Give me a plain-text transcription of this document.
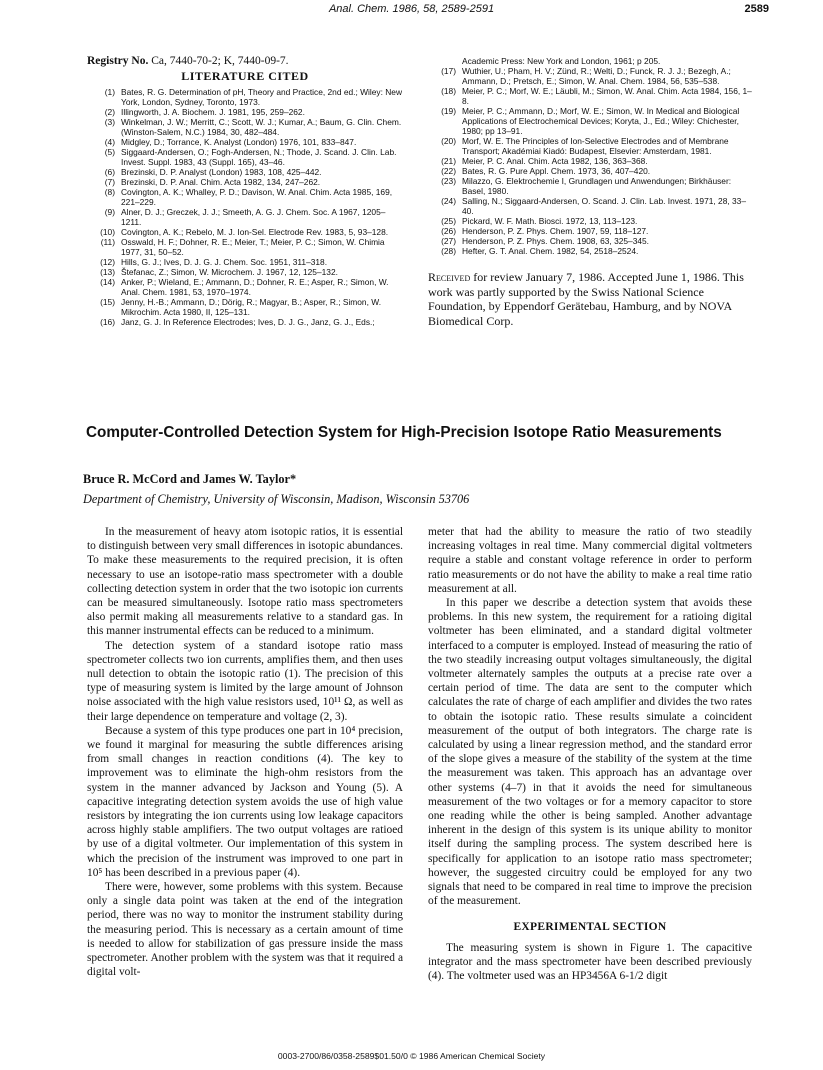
Anal. Chem. 1986, 58, 2589-2591	2589
Registry No. Ca, 7440-70-2; K, 7440-09-7.
LITERATURE CITED
(1) Bates, R. G. Determination of pH, Theory and Practice, 2nd ed.; Wiley: New York, London, Sydney, Toronto, 1973.
(2) Illingworth, J. A. Biochem. J. 1981, 195, 259–262.
(3) Winkelman, J. W.; Merritt, C.; Scott, W. J.; Kumar, A.; Baum, G. Clin. Chem. (Winston-Salem, N.C.) 1984, 30, 482–484.
(4) Midgley, D.; Torrance, K. Analyst (London) 1976, 101, 833–847.
(5) Siggaard-Andersen, O.; Fogh-Andersen, N.; Thode, J. Scand. J. Clin. Lab. Invest. Suppl. 1983, 43 (Suppl. 165), 43–46.
(6) Brezinski, D. P. Analyst (London) 1983, 108, 425–442.
(7) Brezinski, D. P. Anal. Chim. Acta 1982, 134, 247–262.
(8) Covington, A. K.; Whalley, P. D.; Davison, W. Anal. Chim. Acta 1985, 169, 221–229.
(9) Alner, D. J.; Greczek, J. J.; Smeeth, A. G. J. Chem. Soc. A 1967, 1205–1211.
(10) Covington, A. K.; Rebelo, M. J. Ion-Sel. Electrode Rev. 1983, 5, 93–128.
(11) Osswald, H. F.; Dohner, R. E.; Meier, T.; Meier, P. C.; Simon, W. Chimia 1977, 31, 50–52.
(12) Hills, G. J.; Ives, D. J. G. J. Chem. Soc. 1951, 311–318.
(13) Štefanac, Z.; Simon, W. Microchem. J. 1967, 12, 125–132.
(14) Anker, P.; Wieland, E.; Ammann, D.; Dohner, R. E.; Asper, R.; Simon, W. Anal. Chem. 1981, 53, 1970–1974.
(15) Jenny, H.-B.; Ammann, D.; Dörig, R.; Magyar, B.; Asper, R.; Simon, W. Mikrochim. Acta 1980, II, 125–131.
(16) Janz, G. J. In Reference Electrodes; Ives, D. J. G., Janz, G. J., Eds.;
Academic Press: New York and London, 1961; p 205.
(17) Wuthier, U.; Pham, H. V.; Zünd, R.; Welti, D.; Funck, R. J. J.; Bezegh, A.; Ammann, D.; Pretsch, E.; Simon, W. Anal. Chem. 1984, 56, 535–538.
(18) Meier, P. C.; Morf, W. E.; Läubli, M.; Simon, W. Anal. Chim. Acta 1984, 156, 1–8.
(19) Meier, P. C.; Ammann, D.; Morf, W. E.; Simon, W. In Medical and Biological Applications of Electrochemical Devices; Koryta, J., Ed.; Wiley: Chichester, 1980; pp 13–91.
(20) Morf, W. E. The Principles of Ion-Selective Electrodes and of Membrane Transport; Akadémiai Kiadó: Budapest, Elsevier: Amsterdam, 1981.
(21) Meier, P. C. Anal. Chim. Acta 1982, 136, 363–368.
(22) Bates, R. G. Pure Appl. Chem. 1973, 36, 407–420.
(23) Milazzo, G. Elektrochemie I, Grundlagen und Anwendungen; Birkhäuser: Basel, 1980.
(24) Salling, N.; Siggaard-Andersen, O. Scand. J. Clin. Lab. Invest. 1971, 28, 33–40.
(25) Pickard, W. F. Math. Biosci. 1972, 13, 113–123.
(26) Henderson, P. Z. Phys. Chem. 1907, 59, 118–127.
(27) Henderson, P. Z. Phys. Chem. 1908, 63, 325–345.
(28) Hefter, G. T. Anal. Chem. 1982, 54, 2518–2524.
Received for review January 7, 1986. Accepted June 1, 1986. This work was partly supported by the Swiss National Science Foundation, by Eppendorf Gerätebau, Hamburg, and by NOVA Biomedical Corp.
Computer-Controlled Detection System for High-Precision Isotope Ratio Measurements
Bruce R. McCord and James W. Taylor*
Department of Chemistry, University of Wisconsin, Madison, Wisconsin 53706

In the measurement of heavy atom isotopic ratios, it is essential to distinguish between very small differences in isotopic abundances. To make these measurements to the required precision, it is often necessary to use an isotope-ratio mass spectrometer with a double collecting detection system in order that the two isotopic ion currents can be measured simultaneously. Isotope ratio mass spectrometers also permit making all measurements relative to a standard gas. In this manner instrumental effects can be reduced to a minimum.

The detection system of a standard isotope ratio mass spectrometer collects two ion currents, amplifies them, and then uses null detection to obtain the isotopic ratio (1). The precision of this type of measuring system is limited by the large amount of Johnson noise associated with the high value resistors used, 10¹¹ Ω, as well as their large dependence on temperature and voltage (2, 3).

Because a system of this type produces one part in 10⁴ precision, we found it marginal for measuring the subtle differences arising from small changes in reaction conditions (4). The key to improvement was to eliminate the high-ohm resistors from the system in the manner advanced by Jackson and Young (5). A capacitive integrating detection system avoids the use of high value resistors by integrating the ion currents using low leakage capacitors across highly stable amplifiers. The two output voltages are ratioed by use of a digital voltmeter. Our implementation of this system in which the precision of the instrument was improved to one part in 10⁵ has been described in a previous paper (4).

There were, however, some problems with this system. Because only a single data point was taken at the end of the integration period, there was no way to monitor the instrument stability during the measuring period. This is necessary as a certain amount of time is needed to allow for stabilization of gas pressure inside the mass spectrometer. Another problem with the system was that it required a digital volt-

meter that had the ability to measure the ratio of two steadily increasing voltages in real time. Many commercial digital voltmeters require a stable and constant voltage reference in order to perform ratio measurements or do not have the ability to make a real time ratio measurement at all.

In this paper we describe a detection system that avoids these problems. In this new system, the requirement for a ratioing digital voltmeter has been eliminated, and a standard digital voltmeter interfaced to a computer is employed. Instead of measuring the ratio of the two steadily increasing output voltages simultaneously, the digital voltmeter alternately samples the outputs at a precise rate over a certain period of time. The data are sent to the computer which calculates the rate of charge of each amplifier and divides the two rates to obtain the isotopic ratio. These results simulate a coincident measurement of the output of both integrators. The charge rate is calculated by using a linear regression method, and the standard error of the slope gives a measure of the stability of the system at the time the measurement was taken. This approach has an advantage over other systems (4–7) in that it avoids the need for simultaneous measurement of the two voltages or for a memory capacitor to store one reading while the other is being sampled. Another advantage inherent in the design of this system is its unique ability to monitor itself during the sampling process. The system described here is specifically for application to an isotope ratio mass spectrometer; however, the suggested circuitry could be employed for any two signals that need to be compared in real time to improve the precision of the measurement.

EXPERIMENTAL SECTION

The measuring system is shown in Figure 1. The capacitive integrator and the mass spectrometer have been described previously (4). The voltmeter used was an HP3456A 6-1/2 digit

0003-2700/86/0358-2589$01.50/0 © 1986 American Chemical Society
